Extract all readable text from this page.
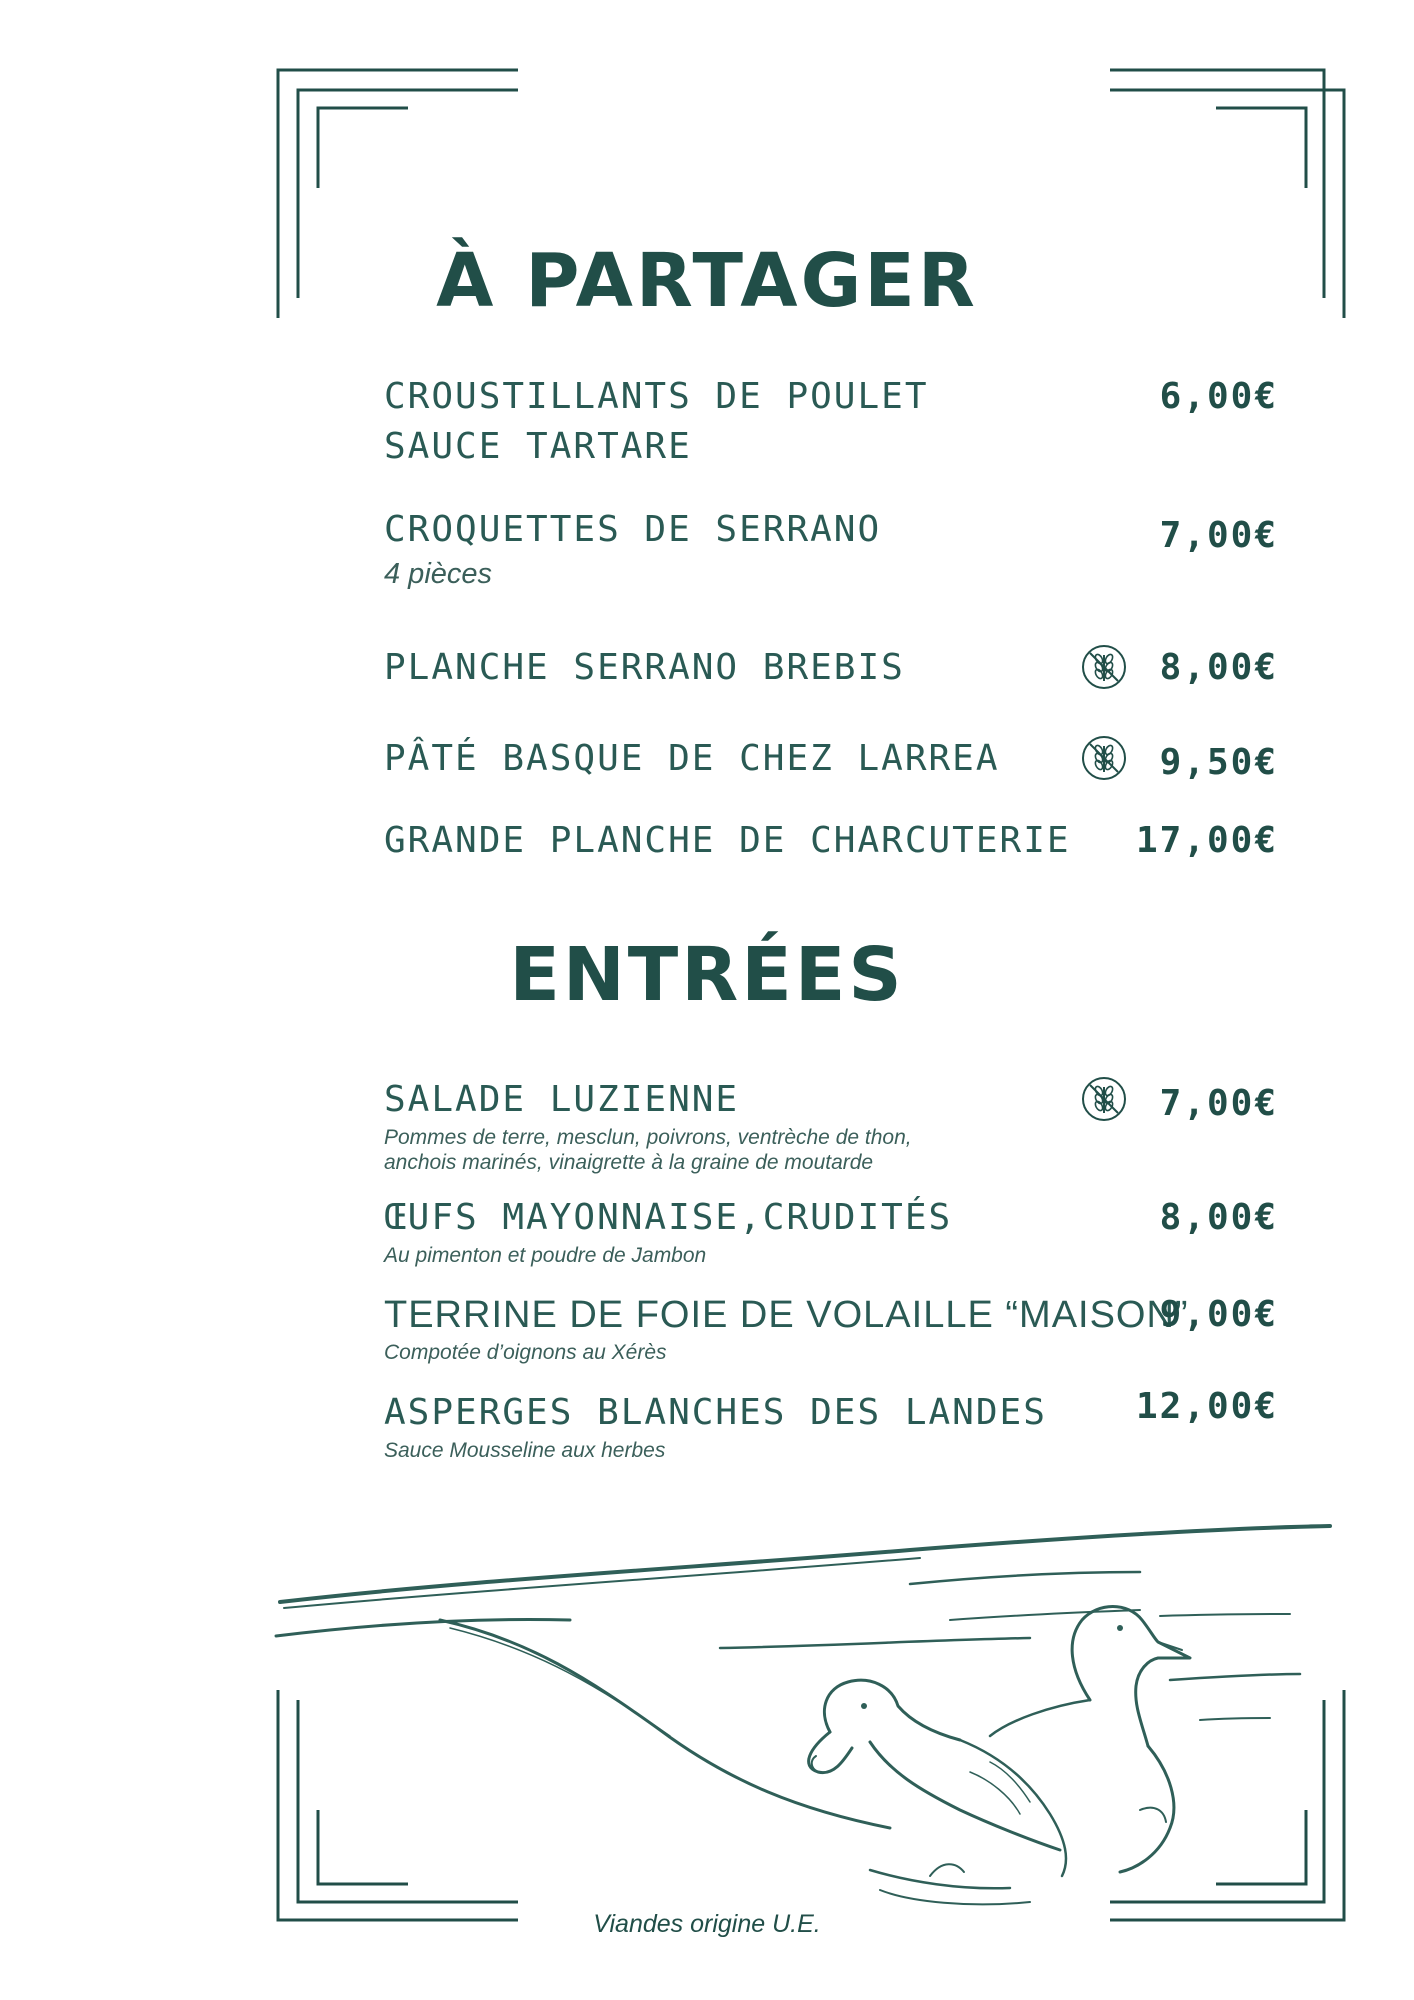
À PARTAGER
CROUSTILLANTS DE POULET
SAUCE TARTARE
6,00€
CROQUETTES DE SERRANO
4 pièces
7,00€
PLANCHE SERRANO BREBIS	8,00€
PÂTÉ BASQUE DE CHEZ LARREA	9,50€
GRANDE PLANCHE DE CHARCUTERIE	17,00€
ENTRÉES
SALADE LUZIENNE
Pommes de terre, mesclun, poivrons, ventrèche de thon,
anchois marinés, vinaigrette à la graine de moutarde
7,00€
ŒUFS MAYONNAISE,CRUDITÉS
Au pimenton et poudre de Jambon
8,00€
TERRINE DE FOIE DE VOLAILLE “MAISON”
Compotée d’oignons au Xérès
9,00€
ASPERGES BLANCHES DES LANDES
Sauce Mousseline aux herbes
12,00€
Viandes origine U.E.
